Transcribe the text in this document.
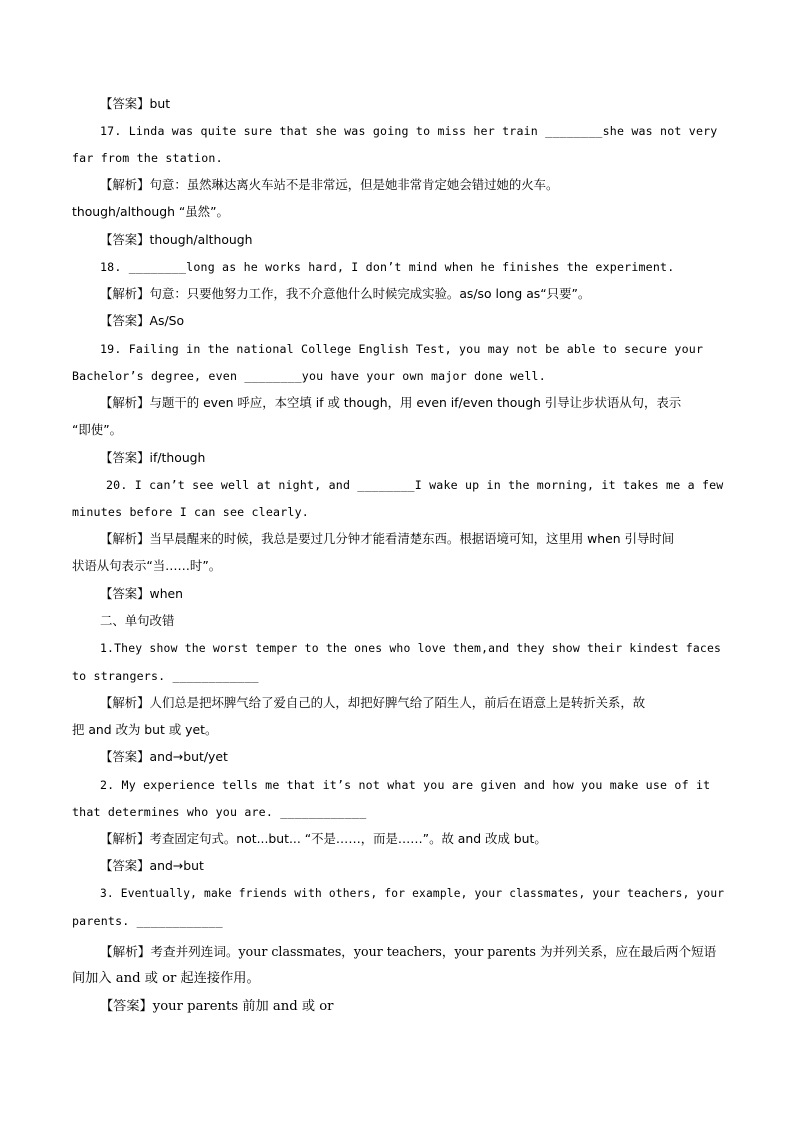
【答案】but
17. Linda was quite sure that she was going to miss her train ________she was not very
far from the station.
【解析】句意：虽然琳达离火车站不是非常远，但是她非常肯定她会错过她的火车。
though/although “虽然”。
【答案】though/although
18. ________long as he works hard, I don’t mind when he finishes the experiment.
【解析】句意：只要他努力工作，我不介意他什么时候完成实验。as/so long as“只要”。
【答案】As/So
19. Failing in the national College English Test, you may not be able to secure your
Bachelor’s degree, even ________you have your own major done well.
【解析】与题干的 even 呼应，本空填 if 或 though，用 even if/even though 引导让步状语从句，表示
“即使”。
【答案】if/though
20. I can’t see well at night, and ________I wake up in the morning, it takes me a few
minutes before I can see clearly.
【解析】当早晨醒来的时候，我总是要过几分钟才能看清楚东西。根据语境可知，这里用 when 引导时间
状语从句表示“当……时”。
【答案】when
二、单句改错
1.They show the worst temper to the ones who love them,and they show their kindest faces
to strangers. ____________
【解析】人们总是把坏脾气给了爱自己的人，却把好脾气给了陌生人，前后在语意上是转折关系，故
把 and 改为 but 或 yet。
【答案】and→but/yet
2. My experience tells me that it’s not what you are given and how you make use of it
that determines who you are. ____________
【解析】考查固定句式。not...but... “不是……，而是……”。故 and 改成 but。
【答案】and→but
3. Eventually, make friends with others, for example, your classmates, your teachers, your
parents. ____________
【解析】考查并列连词。your classmates，your teachers，your parents 为并列关系，应在最后两个短语
间加入 and 或 or 起连接作用。
【答案】your parents 前加 and 或 or
